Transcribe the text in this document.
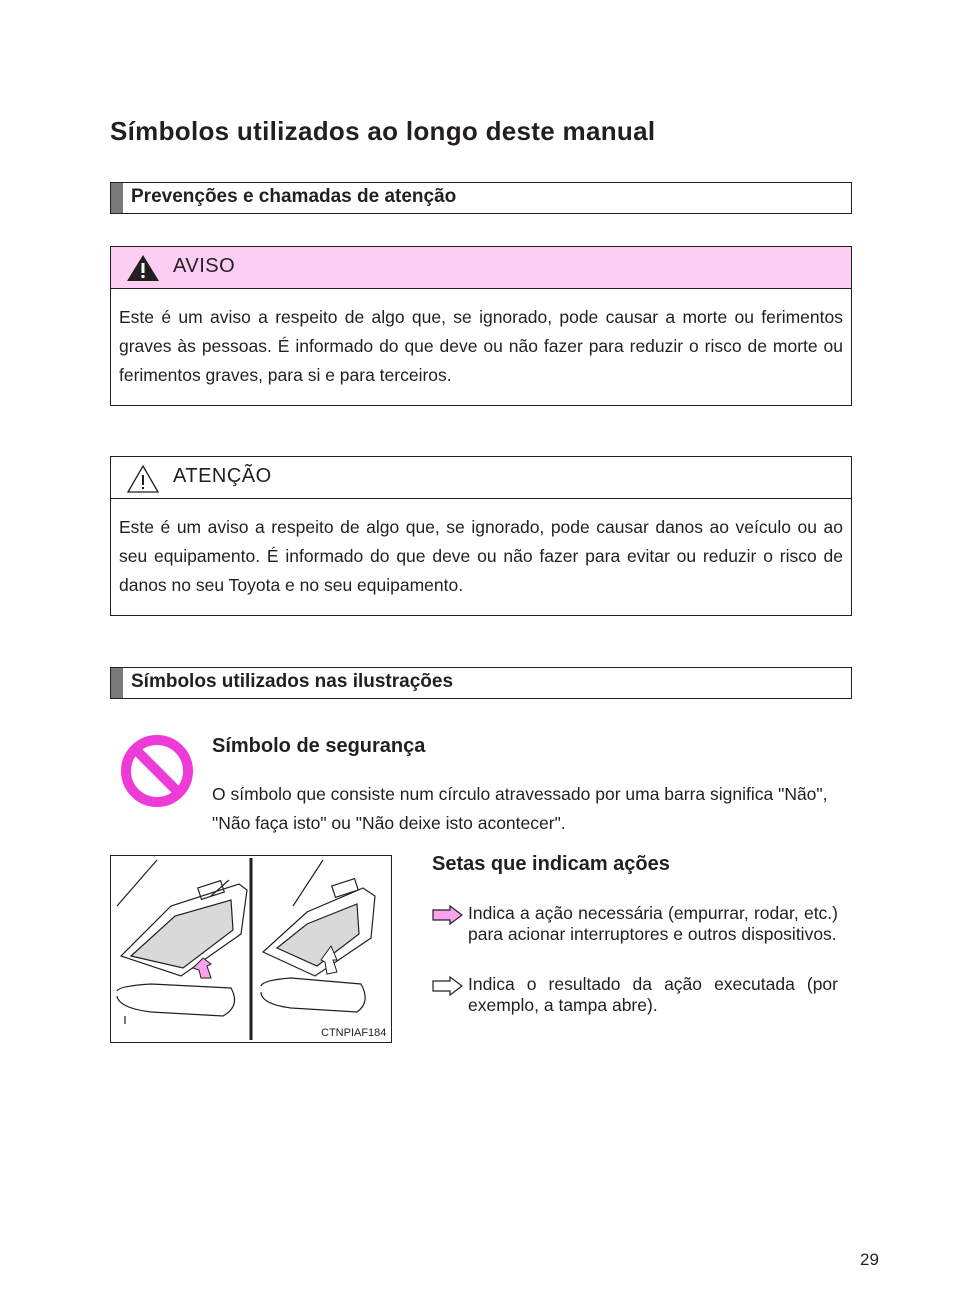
Símbolos utilizados ao longo deste manual
Prevenções e chamadas de atenção
AVISO
Este é um aviso a respeito de algo que, se ignorado, pode causar a morte ou ferimentos graves às pessoas. É informado do que deve ou não fazer para reduzir o risco de morte ou ferimentos graves, para si e para terceiros.
ATENÇÃO
Este é um aviso a respeito de algo que, se ignorado, pode causar danos ao veículo ou ao seu equipamento. É informado do que deve ou não fazer para evitar ou reduzir o risco de danos no seu Toyota e no seu equipamento.
Símbolos utilizados nas ilustrações
Símbolo de segurança
O símbolo que consiste num círculo atravessado por uma barra significa "Não", "Não faça isto" ou "Não deixe isto acontecer".
CTNPIAF184
Setas que indicam ações
Indica a ação necessária (empurrar, rodar, etc.) para acionar interruptores e outros dispositivos.
Indica o resultado da ação executada (por exemplo, a tampa abre).
29
